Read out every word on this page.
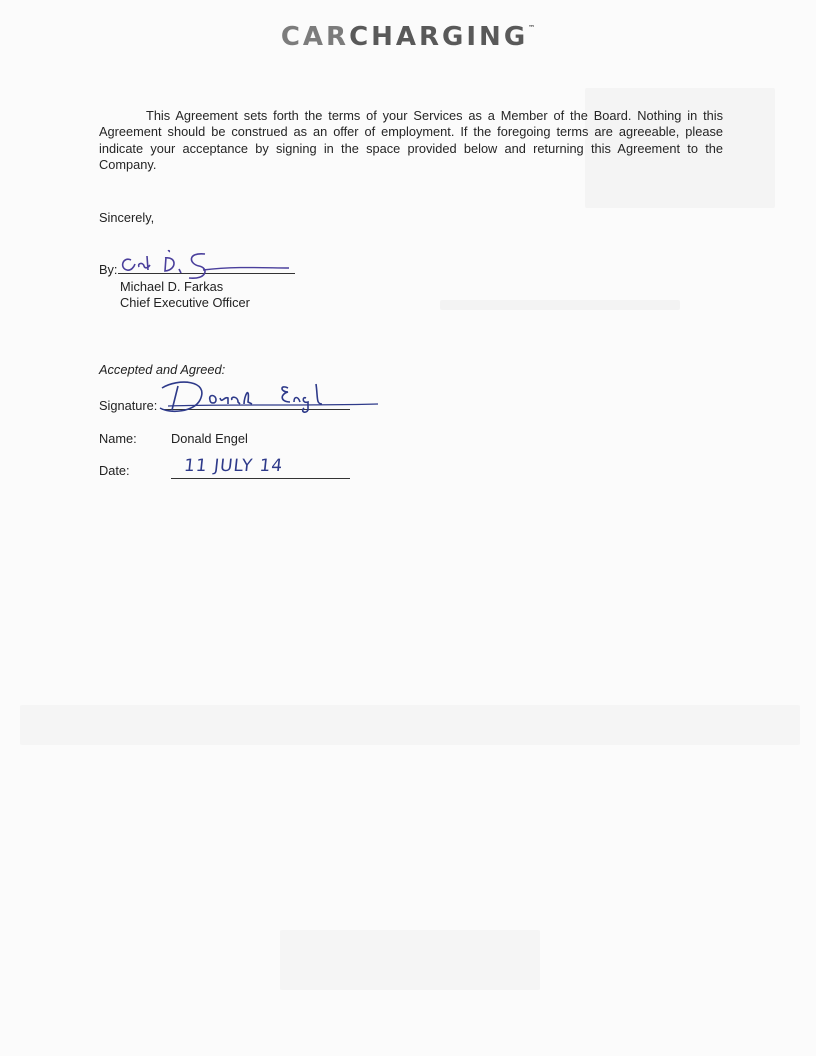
CARCHARGING™

This Agreement sets forth the terms of your Services as a Member of the Board. Nothing in this Agreement should be construed as an offer of employment. If the foregoing terms are agreeable, please indicate your acceptance by signing in the space provided below and returning this Agreement to the Company.

Sincerely,

By:
Michael D. Farkas
Chief Executive Officer
Accepted and Agreed:
Signature:
Name:	Donald Engel
Date:	11 JULY 14
